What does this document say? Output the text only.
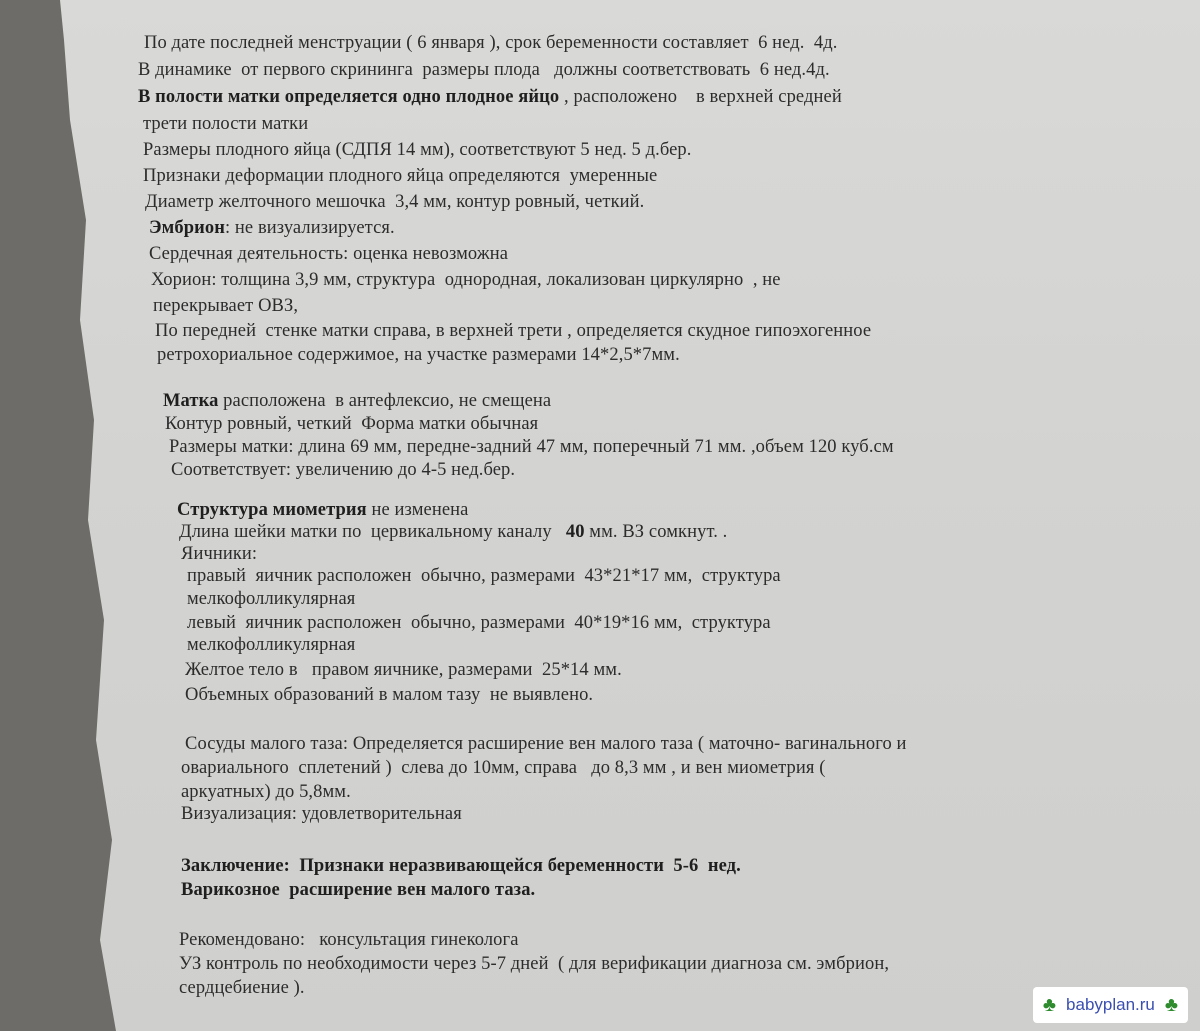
По дате последней менструации ( 6 января ), срок беременности составляет  6 нед.  4д.
В динамике  от первого скрининга  размеры плода   должны соответствовать  6 нед.4д.
В полости матки определяется одно плодное яйцо , расположено    в верхней средней
трети полости матки
Размеры плодного яйца (СДПЯ 14 мм), соответствуют 5 нед. 5 д.бер.
Признаки деформации плодного яйца определяются  умеренные
Диаметр желточного мешочка  3,4 мм, контур ровный, четкий.
Эмбрион: не визуализируется.
Сердечная деятельность: оценка невозможна
Хорион: толщина 3,9 мм, структура  однородная, локализован циркулярно  , не
перекрывает ОВЗ,
По передней  стенке матки справа, в верхней трети , определяется скудное гипоэхогенное
ретрохориальное содержимое, на участке размерами 14*2,5*7мм.
Матка расположена  в антефлексио, не смещена
Контур ровный, четкий  Форма матки обычная
Размеры матки: длина 69 мм, передне-задний 47 мм, поперечный 71 мм. ,объем 120 куб.см
Соответствует: увеличению до 4-5 нед.бер.
Структура миометрия не изменена
Длина шейки матки по  цервикальному каналу   40 мм. ВЗ сомкнут. .
Яичники:
правый  яичник расположен  обычно, размерами  43*21*17 мм,  структура
мелкофолликулярная
левый  яичник расположен  обычно, размерами  40*19*16 мм,  структура
мелкофолликулярная
Желтое тело в   правом яичнике, размерами  25*14 мм.
Объемных образований в малом тазу  не выявлено.
Сосуды малого таза: Определяется расширение вен малого таза ( маточно- вагинального и
овариального  сплетений )  слева до 10мм, справа   до 8,3 мм , и вен миометрия (
аркуатных) до 5,8мм.
Визуализация: удовлетворительная
Заключение:  Признаки неразвивающейся беременности  5-6  нед.
Варикозное  расширение вен малого таза.
Рекомендовано:   консультация гинеколога
УЗ контроль по необходимости через 5-7 дней  ( для верификации диагноза см. эмбрион,
сердцебиение ).
♣ babyplan.ru ♣
